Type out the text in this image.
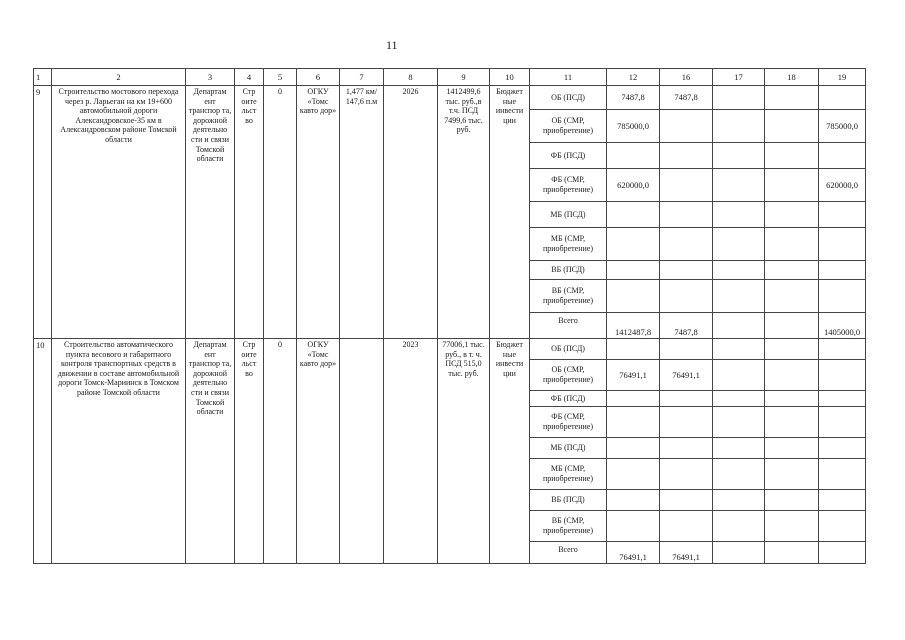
11
1	2	3	4	5	6	7	8	9	10	11	12	16	17	18	19
9	Строительство мостового перехода через р. Ларьеган на км 19+600 автомобильной дороги Александровское-35 км в Александровском районе Томской области	Департам ент транспор та, дорожной деятельно сти и связи Томской области	Стр оите льст во	0	ОГКУ «Томс кавто дор»	1,477 км/ 147,6 п.м	2026	1412499,6 тыс. руб.,в т.ч. ПСД 7499,6 тыс. руб.	Бюджет ные инвести ции	ОБ (ПСД)	7487,8	7487,8			
										ОБ (СМР, приобретение)	785000,0				785000,0
										ФБ (ПСД)					
										ФБ (СМР, приобретение)	620000,0				620000,0
										МБ (ПСД)					
										МБ (СМР, приобретение)					
										ВБ (ПСД)					
										ВБ (СМР, приобретение)					
										Всего	1412487,8	7487,8			1405000,0
10	Строительство автоматического пункта весового и габаритного контроля транспортных средств в движении в составе автомобильной дороги Томск-Мариинск в Томском районе Томской области	Департам ент транспор та, дорожной деятельно сти и связи Томской области	Стр оите льст во	0	ОГКУ «Томс кавто дор»		2023	77006,1 тыс. руб., в т. ч. ПСД 515,0 тыс. руб.	Бюджет ные инвести ции	ОБ (ПСД)					
										ОБ (СМР, приобретение)	76491,1	76491,1			
										ФБ (ПСД)					
										ФБ (СМР, приобретение)					
										МБ (ПСД)					
										МБ (СМР, приобретение)					
										ВБ (ПСД)					
										ВБ (СМР, приобретение)					
										Всего	76491,1	76491,1			
